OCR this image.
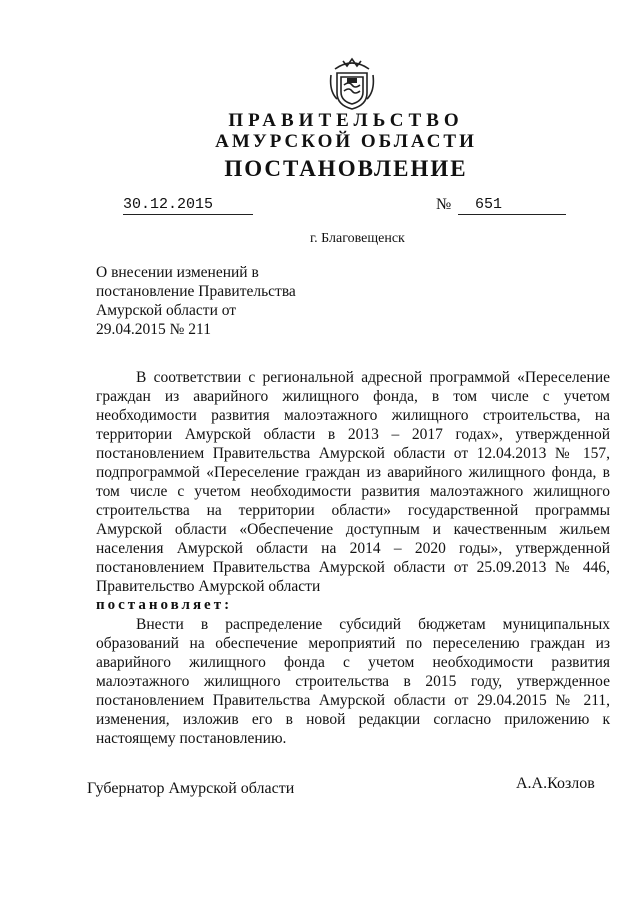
ПРАВИТЕЛЬСТВО
АМУРСКОЙ ОБЛАСТИ
ПОСТАНОВЛЕНИЕ
30.12.2015	№	651
г. Благовещенск
О внесении изменений в
постановление Правительства
Амурской области от
29.04.2015 № 211
В соответствии с региональной адресной программой «Переселение граждан из аварийного жилищного фонда, в том числе с учетом необходимости развития малоэтажного жилищного строительства, на территории Амурской области в 2013 – 2017 годах», утвержденной постановлением Правительства Амурской области от 12.04.2013 № 157, подпрограммой «Переселение граждан из аварийного жилищного фонда, в том числе с учетом необходимости развития малоэтажного жилищного строительства на территории области» государственной программы Амурской области «Обеспечение доступным и качественным жильем населения Амурской области на 2014 – 2020 годы», утвержденной постановлением Правительства Амурской области от 25.09.2013 № 446, Правительство Амурской области
постановляет:
Внести в распределение субсидий бюджетам муниципальных образований на обеспечение мероприятий по переселению граждан из аварийного жилищного фонда с учетом необходимости развития малоэтажного жилищного строительства в 2015 году, утвержденное постановлением Правительства Амурской области от 29.04.2015 № 211, изменения, изложив его в новой редакции согласно приложению к настоящему постановлению.
Губернатор Амурской области	А.А.Козлов
